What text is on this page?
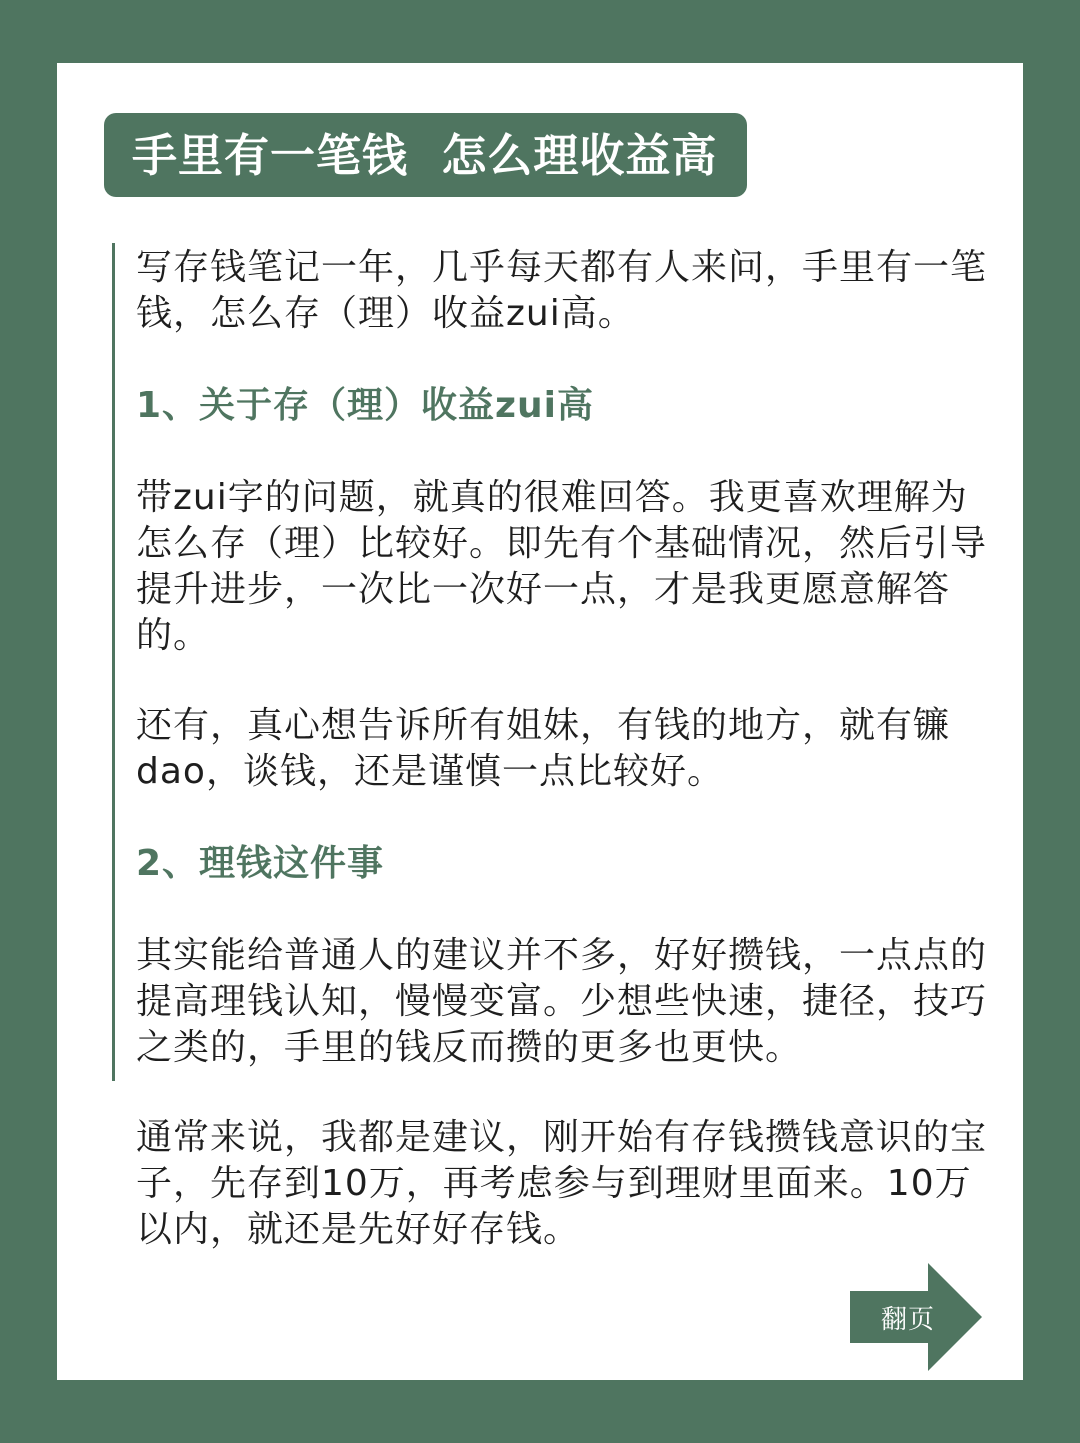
手里有一笔钱  怎么理收益高

写存钱笔记一年，几乎每天都有人来问，手里有一笔钱，怎么存（理）收益zui高。

1、关于存（理）收益zui高

带zui字的问题，就真的很难回答。我更喜欢理解为 怎么存（理）比较好。即先有个基础情况，然后引导提升进步，一次比一次好一点，才是我更愿意解答的。

还有，真心想告诉所有姐妹，有钱的地方，就有镰dao，谈钱，还是谨慎一点比较好。

2、理钱这件事

其实能给普通人的建议并不多，好好攒钱，一点点的提高理钱认知，慢慢变富。少想些快速，捷径，技巧之类的，手里的钱反而攒的更多也更快。

通常来说，我都是建议，刚开始有存钱攒钱意识的宝子，先存到10万，再考虑参与到理财里面来。10万以内，就还是先好好存钱。

翻页
